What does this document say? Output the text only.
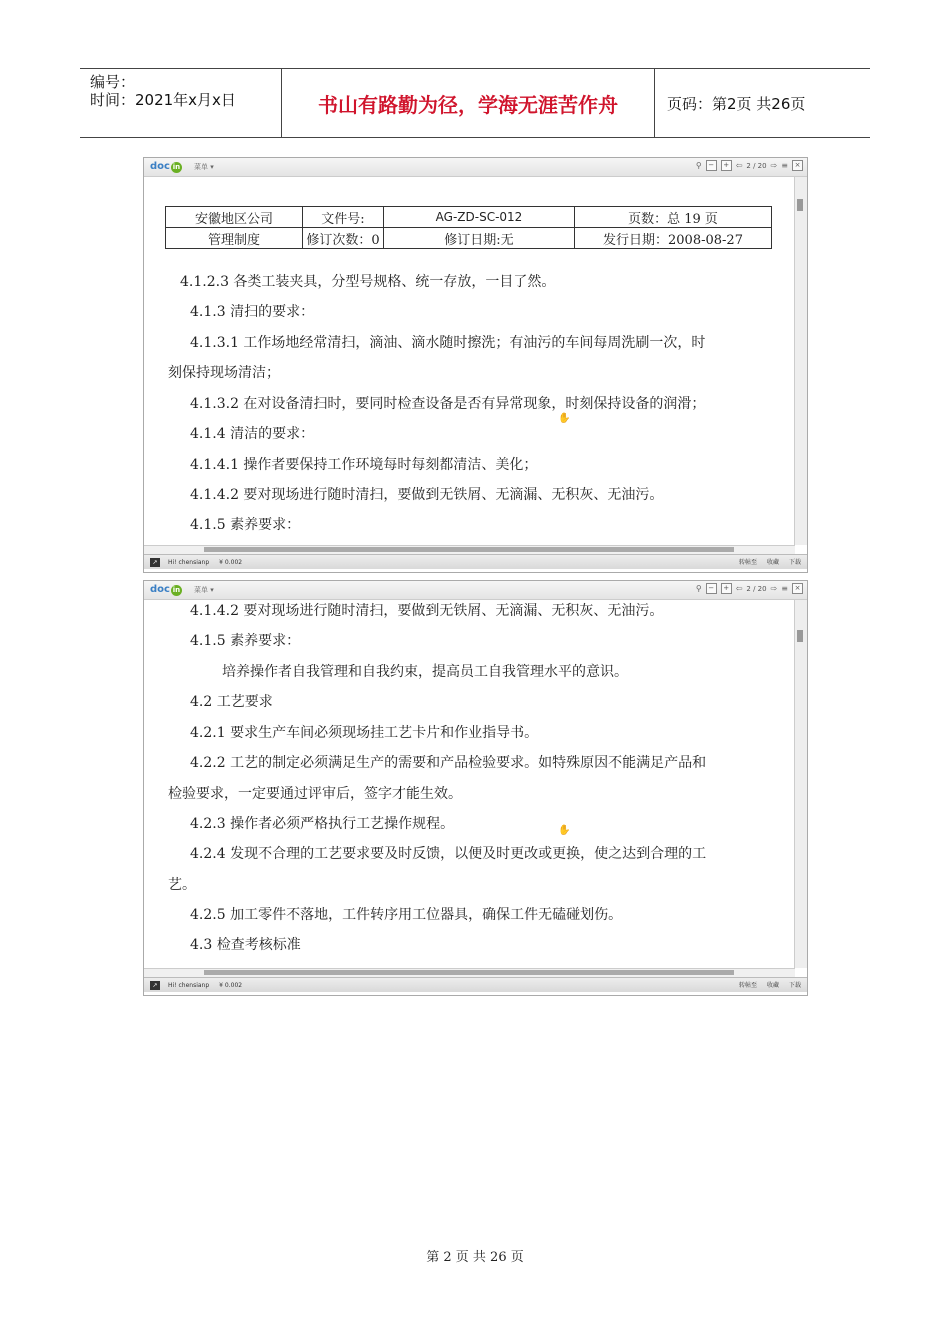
编号：
时间：2021年x月x日	书山有路勤为径，学海无涯苦作舟	页码：第2页 共26页
doc in 菜单 ▾	⚲ −	+ ⇦ 2 / 20 ⇨ ≡ ×
安徽地区公司	文件号:	AG-ZD-SC-012	页数：总 19 页
管理制度	修订次数：0	修订日期:无	发行日期：2008-08-27
4.1.2.3 各类工装夹具，分型号规格、统一存放，一目了然。
4.1.3 清扫的要求：
4.1.3.1 工作场地经常清扫，滴油、滴水随时擦洗；有油污的车间每周洗刷一次，时
刻保持现场清洁；
4.1.3.2 在对设备清扫时，要同时检查设备是否有异常现象，时刻保持设备的润滑；
4.1.4 清洁的要求：
4.1.4.1 操作者要保持工作环境每时每刻都清洁、美化；
4.1.4.2 要对现场进行随时清扫，要做到无铁屑、无滴漏、无积灰、无油污。
4.1.5 素养要求：
✋
↗	Hi! chensianp ¥ 0.002	转帖至 收藏 下载
doc in 菜单 ▾	⚲ −	+ ⇦ 2 / 20 ⇨ ≡ ×
4.1.4.2 要对现场进行随时清扫，要做到无铁屑、无滴漏、无积灰、无油污。
4.1.5 素养要求：
培养操作者自我管理和自我约束，提高员工自我管理水平的意识。
4.2 工艺要求
4.2.1 要求生产车间必须现场挂工艺卡片和作业指导书。
4.2.2 工艺的制定必须满足生产的需要和产品检验要求。如特殊原因不能满足产品和
检验要求，一定要通过评审后，签字才能生效。
4.2.3 操作者必须严格执行工艺操作规程。
4.2.4 发现不合理的工艺要求要及时反馈，以便及时更改或更换，使之达到合理的工
艺。
4.2.5 加工零件不落地，工件转序用工位器具，确保工件无磕碰划伤。
4.3 检查考核标准
✋
↗	Hi! chensianp ¥ 0.002	转帖至 收藏 下载
第 2 页 共 26 页
